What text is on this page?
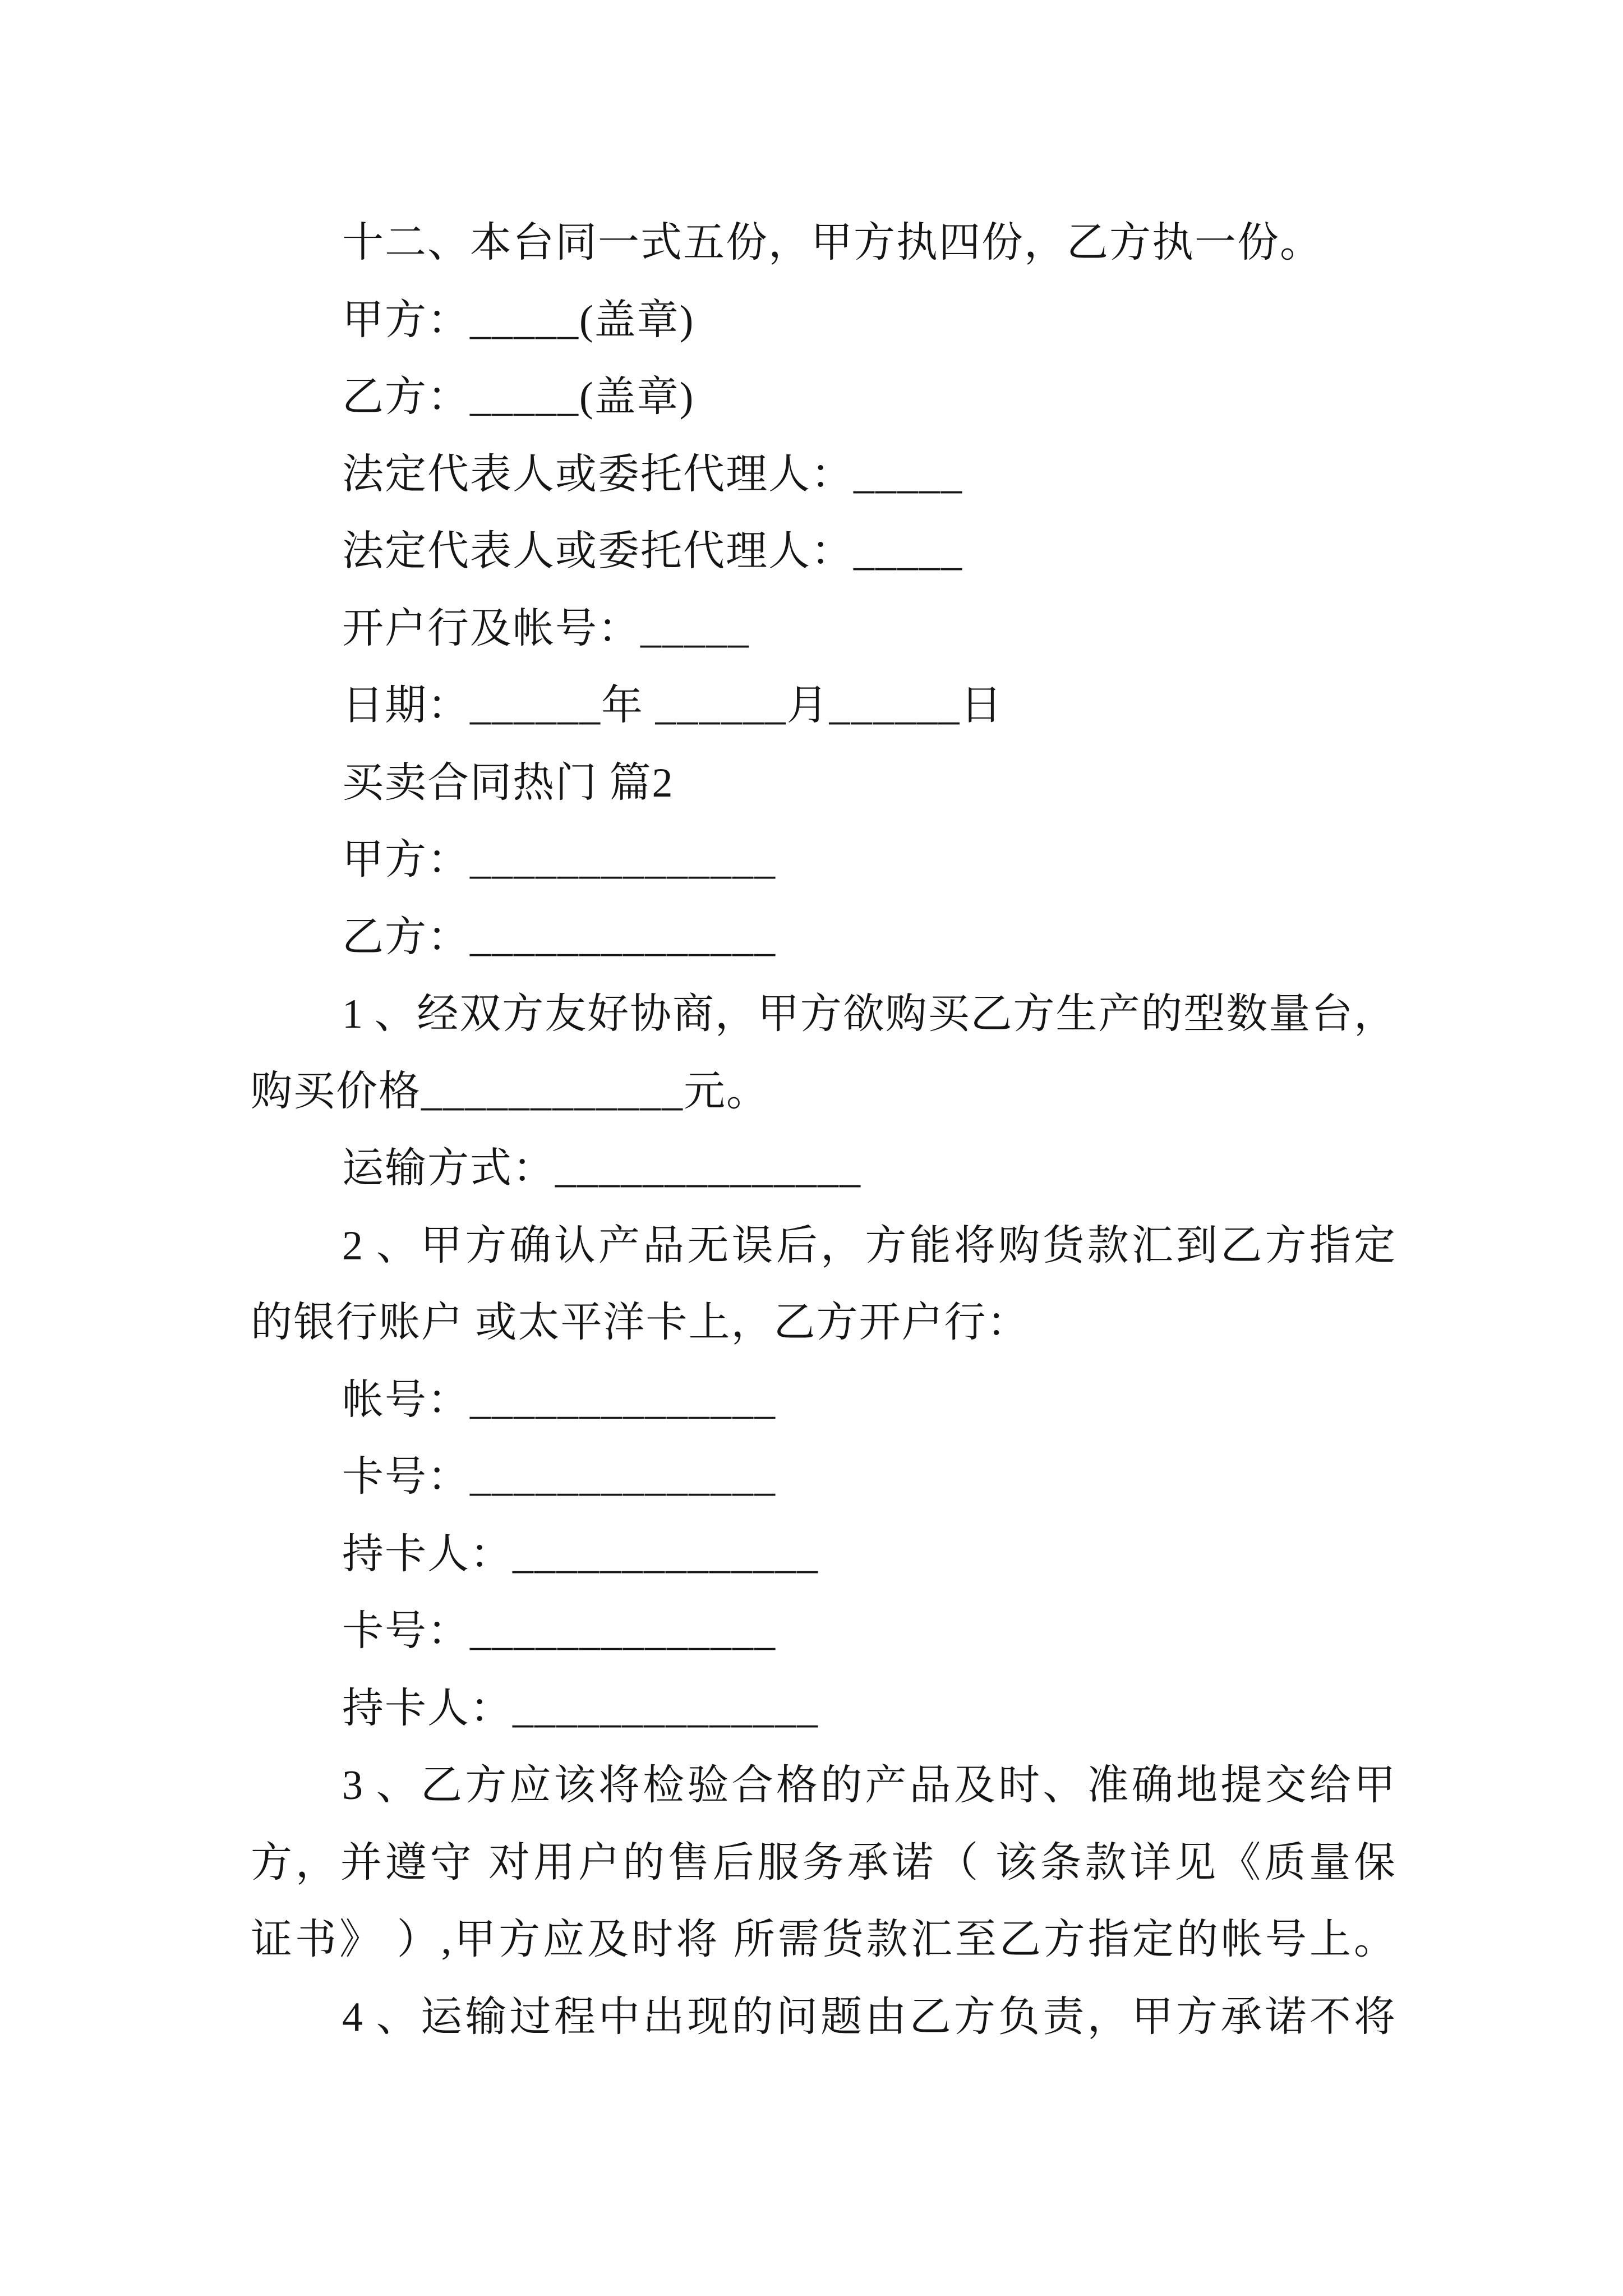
十二、本台同一式五份，甲方执四份，乙方执一份。
甲方：_____(盖章)
乙方：_____(盖章)
法定代表人或委托代理人：_____
法定代表人或委托代理人：_____
开户行及帐号：_____
日期：______年 ______月______日
买卖合同热门 篇2
甲方：______________
乙方：______________
1 、经双方友好协商，甲方欲购买乙方生产的型数量台，
购买价格____________元。
运输方式：______________
2 、甲方确认产品无误后，方能将购货款汇到乙方指定
的银行账户 或太平洋卡上，乙方开户行：
帐号：______________
卡号：______________
持卡人：______________
卡号：______________
持卡人：______________
3 、乙方应该将检验合格的产品及时、准确地提交给甲
方，并遵守 对用户的售后服务承诺（ 该条款详见《质量保
证书》 ）,甲方应及时将 所需货款汇至乙方指定的帐号上。
4 、运输过程中出现的问题由乙方负责，甲方承诺不将
